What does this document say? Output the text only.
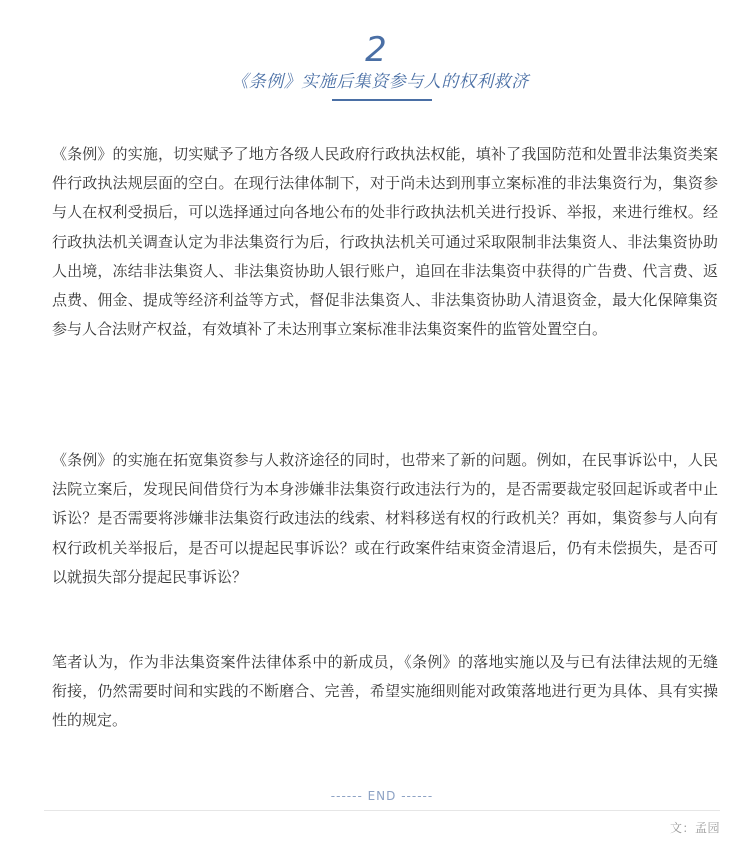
2
《条例》实施后集资参与人的权利救济

《条例》的实施，切实赋予了地方各级人民政府行政执法权能，填补了我国防范和处置非法集资类案件行政执法规层面的空白。在现行法律体制下，对于尚未达到刑事立案标准的非法集资行为，集资参与人在权利受损后，可以选择通过向各地公布的处非行政执法机关进行投诉、举报，来进行维权。经行政执法机关调查认定为非法集资行为后，行政执法机关可通过采取限制非法集资人、非法集资协助人出境，冻结非法集资人、非法集资协助人银行账户，追回在非法集资中获得的广告费、代言费、返点费、佣金、提成等经济利益等方式，督促非法集资人、非法集资协助人清退资金，最大化保障集资参与人合法财产权益，有效填补了未达刑事立案标准非法集资案件的监管处置空白。

《条例》的实施在拓宽集资参与人救济途径的同时，也带来了新的问题。例如，在民事诉讼中，人民法院立案后，发现民间借贷行为本身涉嫌非法集资行政违法行为的，是否需要裁定驳回起诉或者中止诉讼？是否需要将涉嫌非法集资行政违法的线索、材料移送有权的行政机关？再如，集资参与人向有权行政机关举报后，是否可以提起民事诉讼？或在行政案件结束资金清退后，仍有未偿损失，是否可以就损失部分提起民事诉讼？

笔者认为，作为非法集资案件法律体系中的新成员，《条例》的落地实施以及与已有法律法规的无缝衔接，仍然需要时间和实践的不断磨合、完善，希望实施细则能对政策落地进行更为具体、具有实操性的规定。

------ END ------
文：孟园
